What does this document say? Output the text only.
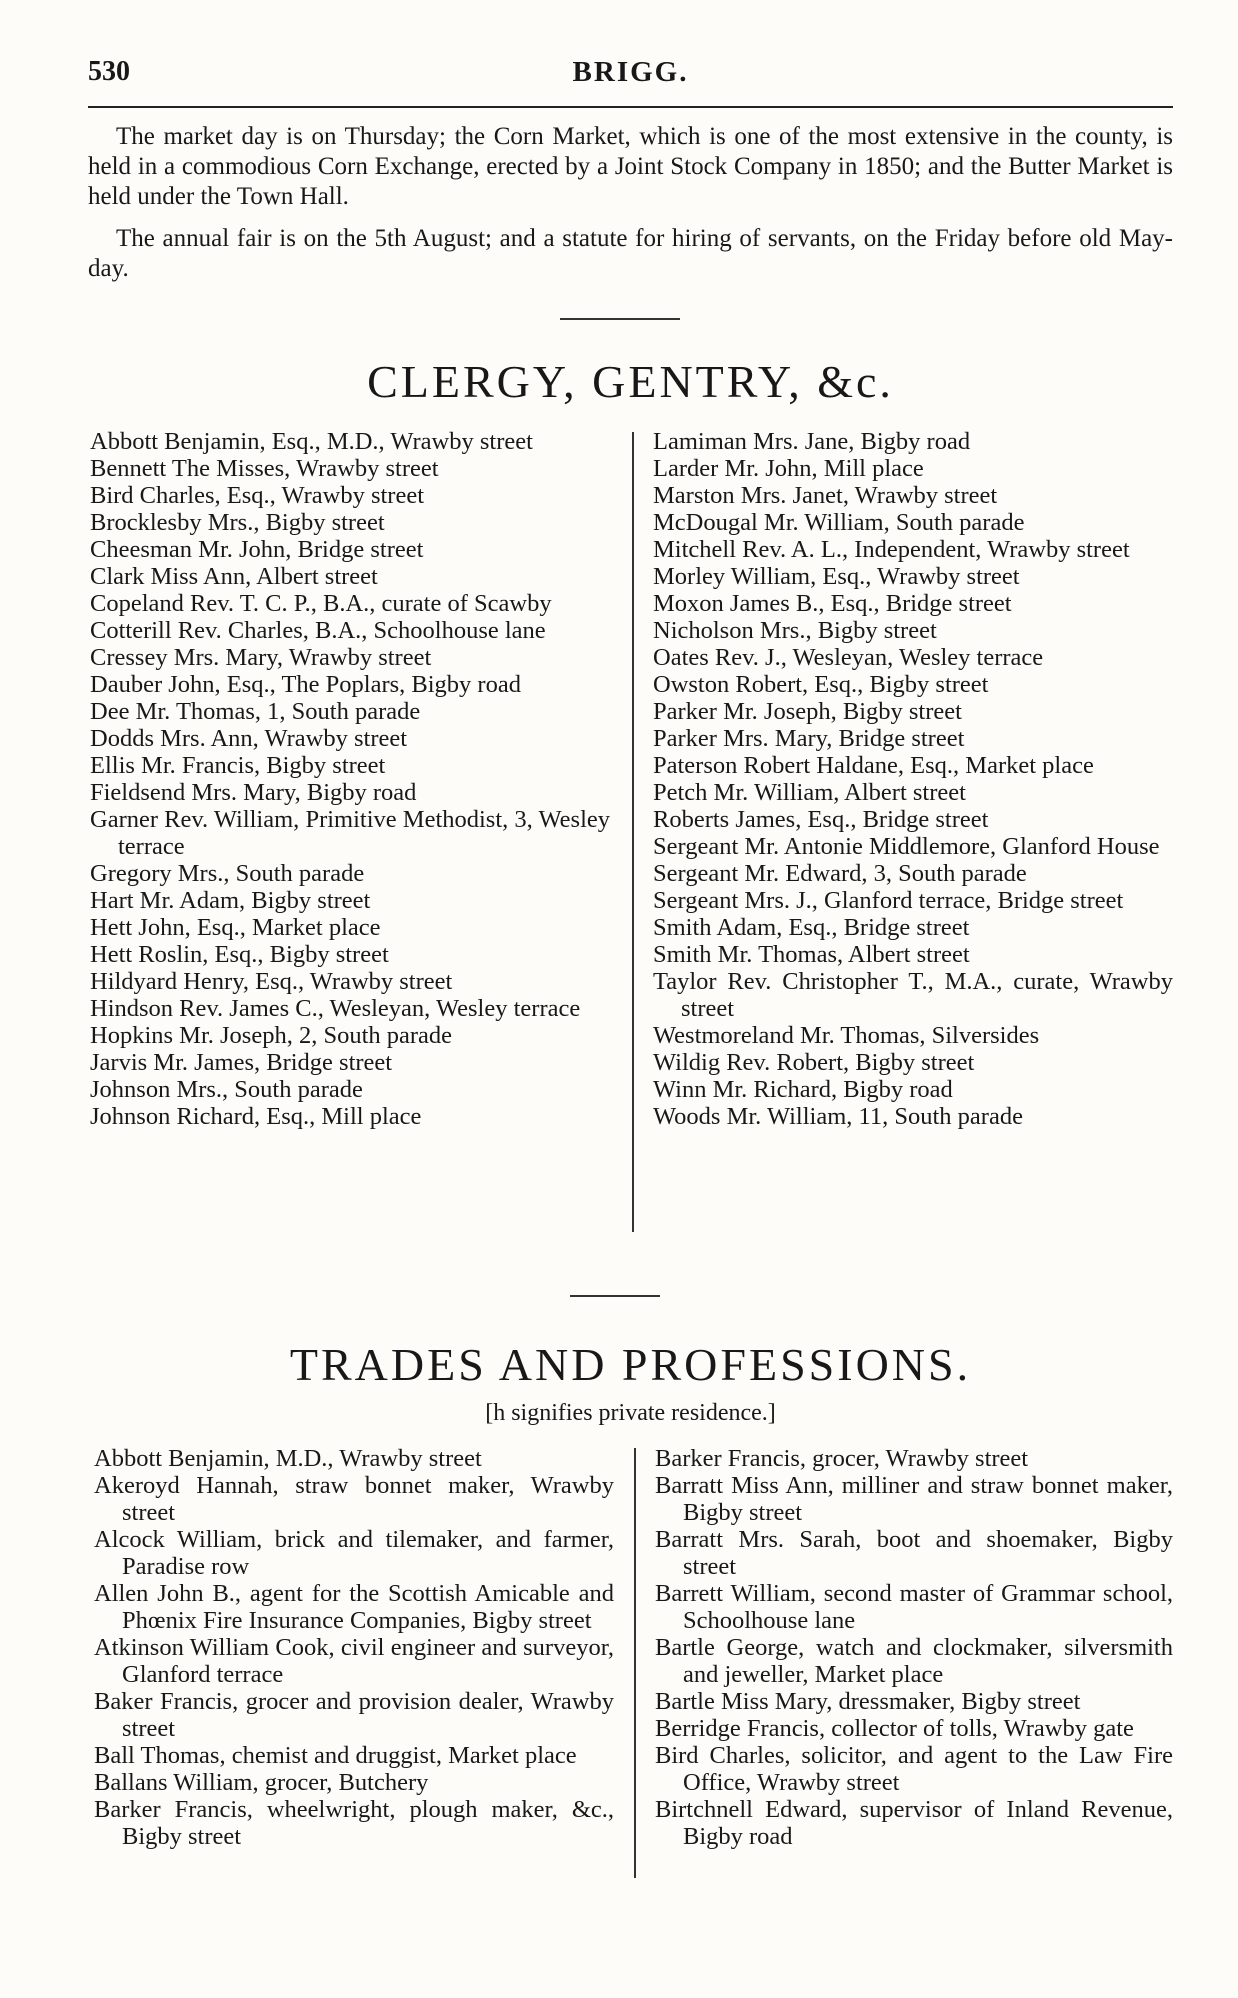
530	BRIGG.

The market day is on Thursday; the Corn Market, which is one of the most extensive in the county, is held in a commodious Corn Exchange, erected by a Joint Stock Company in 1850; and the Butter Market is held under the Town Hall.

The annual fair is on the 5th August; and a statute for hiring of servants, on the Friday before old May-day.

CLERGY, GENTRY, &c.
Abbott Benjamin, Esq., M.D., Wrawby street
Bennett The Misses, Wrawby street
Bird Charles, Esq., Wrawby street
Brocklesby Mrs., Bigby street
Cheesman Mr. John, Bridge street
Clark Miss Ann, Albert street
Copeland Rev. T. C. P., B.A., curate of Scawby
Cotterill Rev. Charles, B.A., Schoolhouse lane
Cressey Mrs. Mary, Wrawby street
Dauber John, Esq., The Poplars, Bigby road
Dee Mr. Thomas, 1, South parade
Dodds Mrs. Ann, Wrawby street
Ellis Mr. Francis, Bigby street
Fieldsend Mrs. Mary, Bigby road
Garner Rev. William, Primitive Methodist, 3, Wesley terrace
Gregory Mrs., South parade
Hart Mr. Adam, Bigby street
Hett John, Esq., Market place
Hett Roslin, Esq., Bigby street
Hildyard Henry, Esq., Wrawby street
Hindson Rev. James C., Wesleyan, Wesley terrace
Hopkins Mr. Joseph, 2, South parade
Jarvis Mr. James, Bridge street
Johnson Mrs., South parade
Johnson Richard, Esq., Mill place
Lamiman Mrs. Jane, Bigby road
Larder Mr. John, Mill place
Marston Mrs. Janet, Wrawby street
McDougal Mr. William, South parade
Mitchell Rev. A. L., Independent, Wrawby street
Morley William, Esq., Wrawby street
Moxon James B., Esq., Bridge street
Nicholson Mrs., Bigby street
Oates Rev. J., Wesleyan, Wesley terrace
Owston Robert, Esq., Bigby street
Parker Mr. Joseph, Bigby street
Parker Mrs. Mary, Bridge street
Paterson Robert Haldane, Esq., Market place
Petch Mr. William, Albert street
Roberts James, Esq., Bridge street
Sergeant Mr. Antonie Middlemore, Glanford House
Sergeant Mr. Edward, 3, South parade
Sergeant Mrs. J., Glanford terrace, Bridge street
Smith Adam, Esq., Bridge street
Smith Mr. Thomas, Albert street
Taylor Rev. Christopher T., M.A., curate, Wrawby street
Westmoreland Mr. Thomas, Silversides
Wildig Rev. Robert, Bigby street
Winn Mr. Richard, Bigby road
Woods Mr. William, 11, South parade
TRADES AND PROFESSIONS.
[h signifies private residence.]
Abbott Benjamin, M.D., Wrawby street
Akeroyd Hannah, straw bonnet maker, Wrawby street
Alcock William, brick and tilemaker, and farmer, Paradise row
Allen John B., agent for the Scottish Amicable and Phœnix Fire Insurance Companies, Bigby street
Atkinson William Cook, civil engineer and surveyor, Glanford terrace
Baker Francis, grocer and provision dealer, Wrawby street
Ball Thomas, chemist and druggist, Market place
Ballans William, grocer, Butchery
Barker Francis, wheelwright, plough maker, &c., Bigby street
Barker Francis, grocer, Wrawby street
Barratt Miss Ann, milliner and straw bonnet maker, Bigby street
Barratt Mrs. Sarah, boot and shoemaker, Bigby street
Barrett William, second master of Grammar school, Schoolhouse lane
Bartle George, watch and clockmaker, silversmith and jeweller, Market place
Bartle Miss Mary, dressmaker, Bigby street
Berridge Francis, collector of tolls, Wrawby gate
Bird Charles, solicitor, and agent to the Law Fire Office, Wrawby street
Birtchnell Edward, supervisor of Inland Revenue, Bigby road
